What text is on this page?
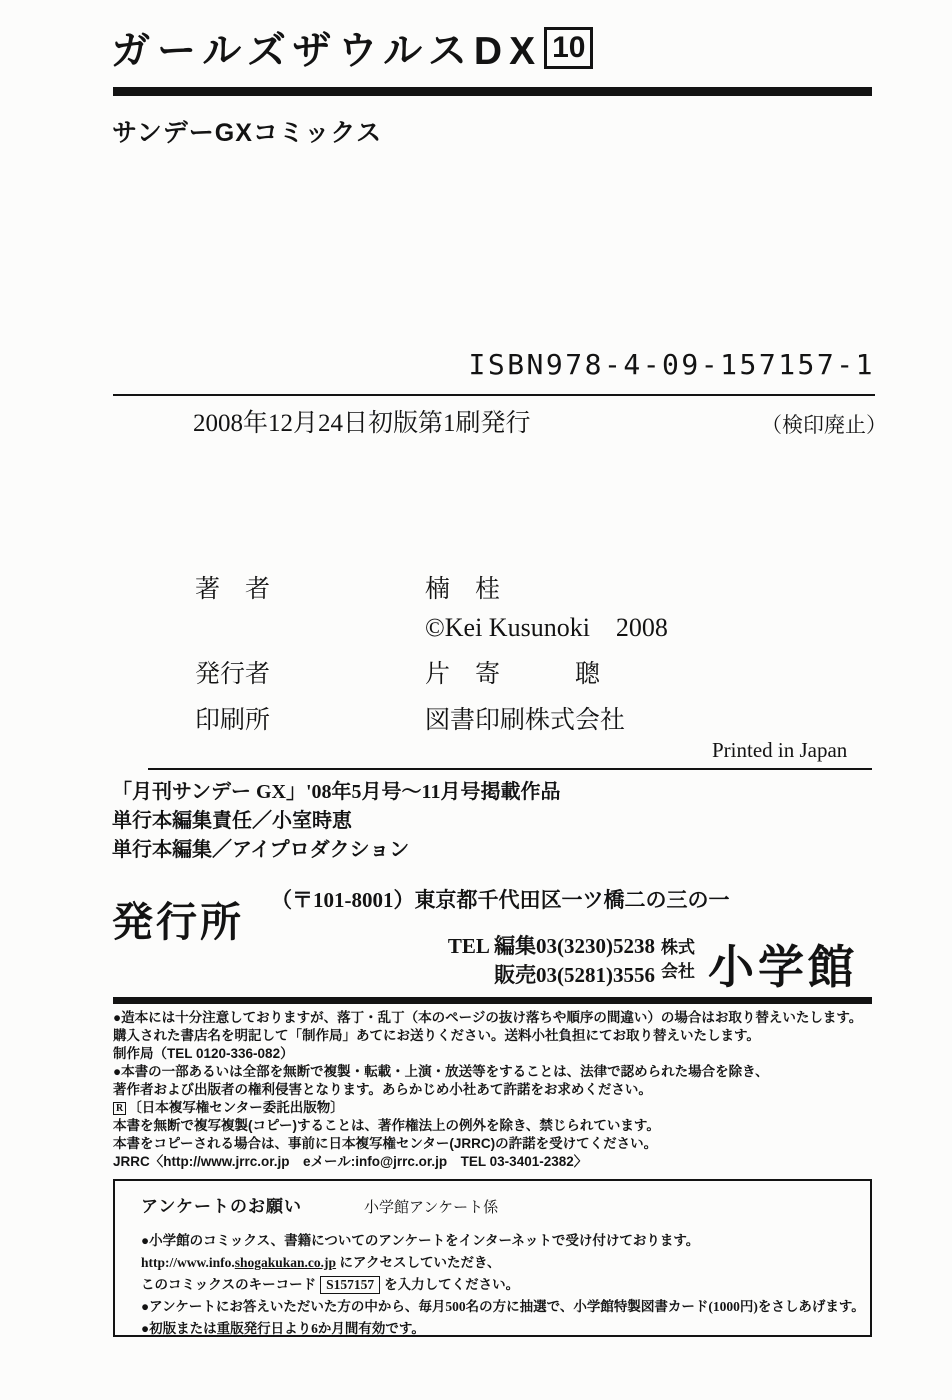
ガールズザウルスDX 10
サンデーGXコミックス
ISBN978-4-09-157157-1
2008年12月24日初版第1刷発行	（検印廃止）
著　者	楠　桂
©Kei Kusunoki　2008
発行者	片　寄　　　聰
印刷所	図書印刷株式会社
Printed in Japan
「月刊サンデー GX」'08年5月号〜11月号掲載作品
単行本編集責任／小室時恵
単行本編集／アイプロダクション
発行所 （〒101-8001）東京都千代田区一ツ橋二の三の一
TEL 編集03(3230)5238
販売03(5281)3556
株式
会社 小学館
●造本には十分注意しておりますが、落丁・乱丁（本のページの抜け落ちや順序の間違い）の場合はお取り替えいたします。
購入された書店名を明記して「制作局」あてにお送りください。送料小社負担にてお取り替えいたします。
制作局（TEL 0120-336-082）
●本書の一部あるいは全部を無断で複製・転載・上演・放送等をすることは、法律で認められた場合を除き、
著作者および出版者の権利侵害となります。あらかじめ小社あて許諾をお求めください。
R 〔日本複写権センター委託出版物〕
本書を無断で複写複製(コピー)することは、著作権法上の例外を除き、禁じられています。
本書をコピーされる場合は、事前に日本複写権センター(JRRC)の許諾を受けてください。
JRRC〈http://www.jrrc.or.jp　eメール:info@jrrc.or.jp　TEL 03-3401-2382〉
アンケートのお願い	小学館アンケート係
●小学館のコミックス、書籍についてのアンケートをインターネットで受け付けております。
http://www.info.shogakukan.co.jp にアクセスしていただき、
このコミックスのキーコード S157157 を入力してください。
●アンケートにお答えいただいた方の中から、毎月500名の方に抽選で、小学館特製図書カード(1000円)をさしあげます。
●初版または重版発行日より6か月間有効です。
